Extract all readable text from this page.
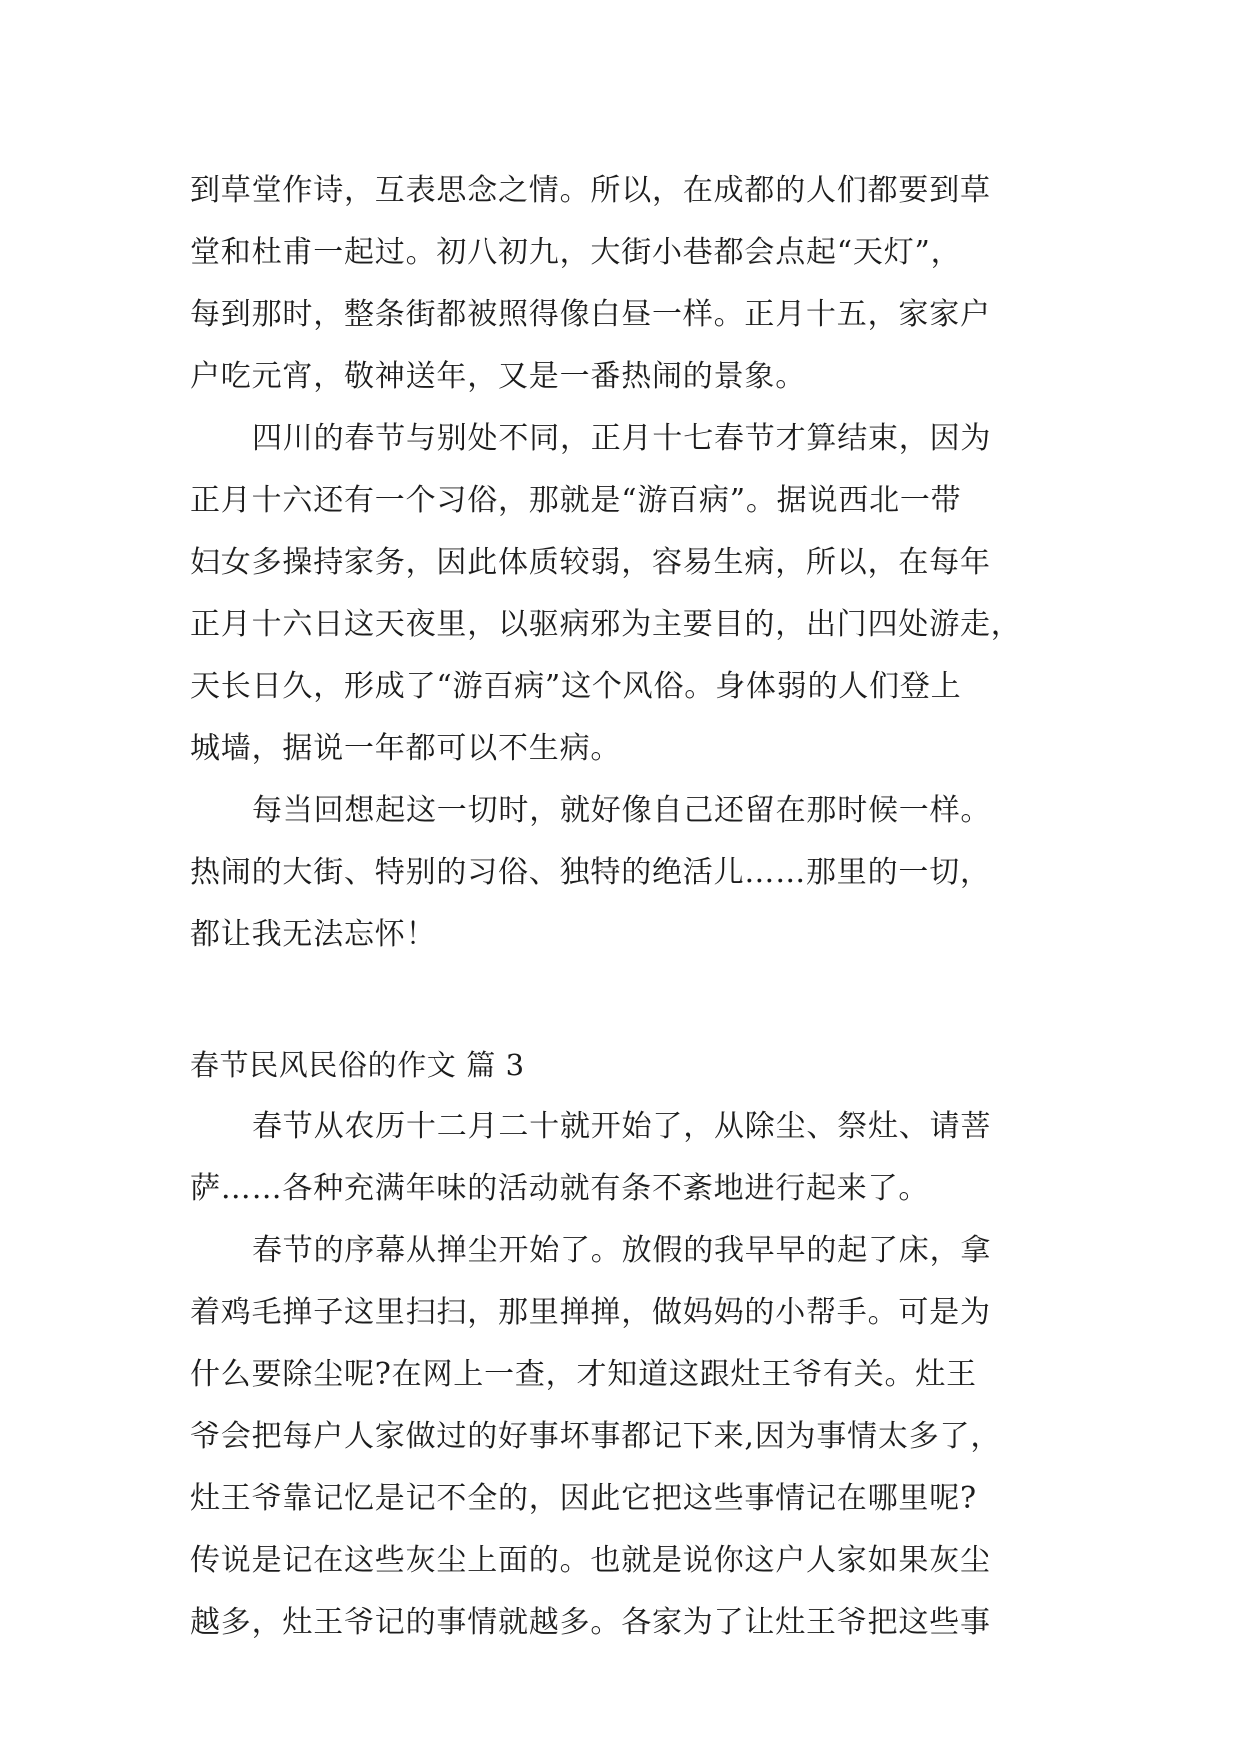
到草堂作诗，互表思念之情。所以，在成都的人们都要到草
堂和杜甫一起过。初八初九，大街小巷都会点起“天灯”，
每到那时，整条街都被照得像白昼一样。正月十五，家家户
户吃元宵，敬神送年，又是一番热闹的景象。
四川的春节与别处不同，正月十七春节才算结束，因为
正月十六还有一个习俗，那就是“游百病”。据说西北一带
妇女多操持家务，因此体质较弱，容易生病，所以，在每年
正月十六日这天夜里，以驱病邪为主要目的，出门四处游走，
天长日久，形成了“游百病”这个风俗。身体弱的人们登上
城墙，据说一年都可以不生病。
每当回想起这一切时，就好像自己还留在那时候一样。
热闹的大街、特别的习俗、独特的绝活儿……那里的一切，
都让我无法忘怀！
春节民风民俗的作文 篇 3
春节从农历十二月二十就开始了，从除尘、祭灶、请菩
萨……各种充满年味的活动就有条不紊地进行起来了。
春节的序幕从掸尘开始了。放假的我早早的起了床，拿
着鸡毛掸子这里扫扫，那里掸掸，做妈妈的小帮手。可是为
什么要除尘呢?在网上一查，才知道这跟灶王爷有关。灶王
爷会把每户人家做过的好事坏事都记下来,因为事情太多了，
灶王爷靠记忆是记不全的，因此它把这些事情记在哪里呢?
传说是记在这些灰尘上面的。也就是说你这户人家如果灰尘
越多，灶王爷记的事情就越多。各家为了让灶王爷把这些事
